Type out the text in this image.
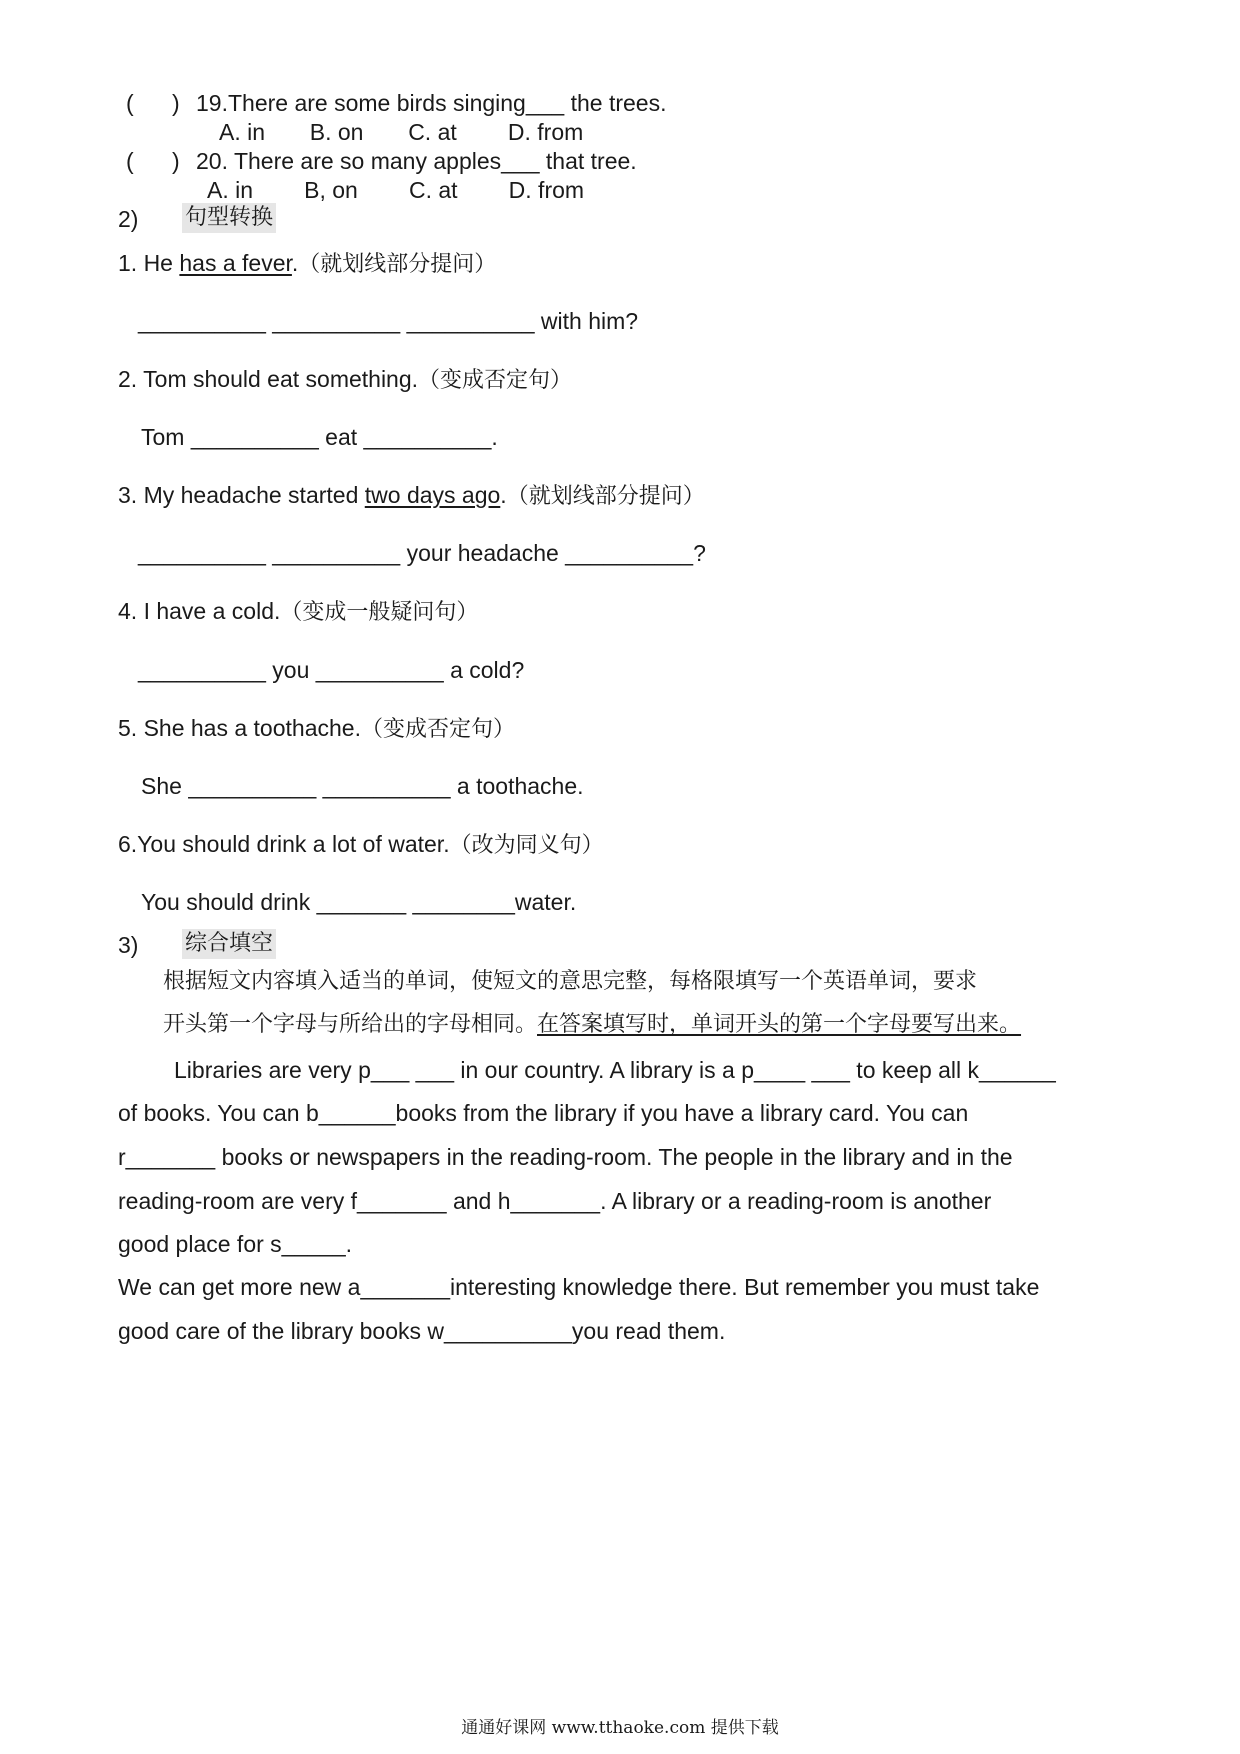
(      ) 19.There are some birds singing___ the trees.
A. in       B. on       C. at        D. from
(      ) 20. There are so many apples___ that tree.
A. in        B, on        C. at        D. from
2) 句型转换
1. He has a fever.（就划线部分提问）
__________ __________ __________ with him?
2. Tom should eat something.（变成否定句）
Tom __________ eat __________.
3. My headache started two days ago.（就划线部分提问）
__________ __________ your headache __________?
4. I have a cold.（变成一般疑问句）
__________ you __________ a cold?
5. She has a toothache.（变成否定句）
She __________ __________ a toothache.
6.You should drink a lot of water.（改为同义句）
You should drink _______ ________water.
3) 综合填空
根据短文内容填入适当的单词，使短文的意思完整，每格限填写一个英语单词，要求
开头第一个字母与所给出的字母相同。在答案填写时，单词开头的第一个字母要写出来。
Libraries are very p___ ___ in our country. A library is a p____ ___ to keep all k______
of books. You can b______books from the library if you have a library card. You can
r_______ books or newspapers in the reading-room. The people in the library and in the
reading-room are very f_______ and h_______. A library or a reading-room is another
good place for s_____.
We can get more new a_______interesting knowledge there. But remember you must take
good care of the library books w__________you read them.
通通好课网 www.tthaoke.com 提供下载
